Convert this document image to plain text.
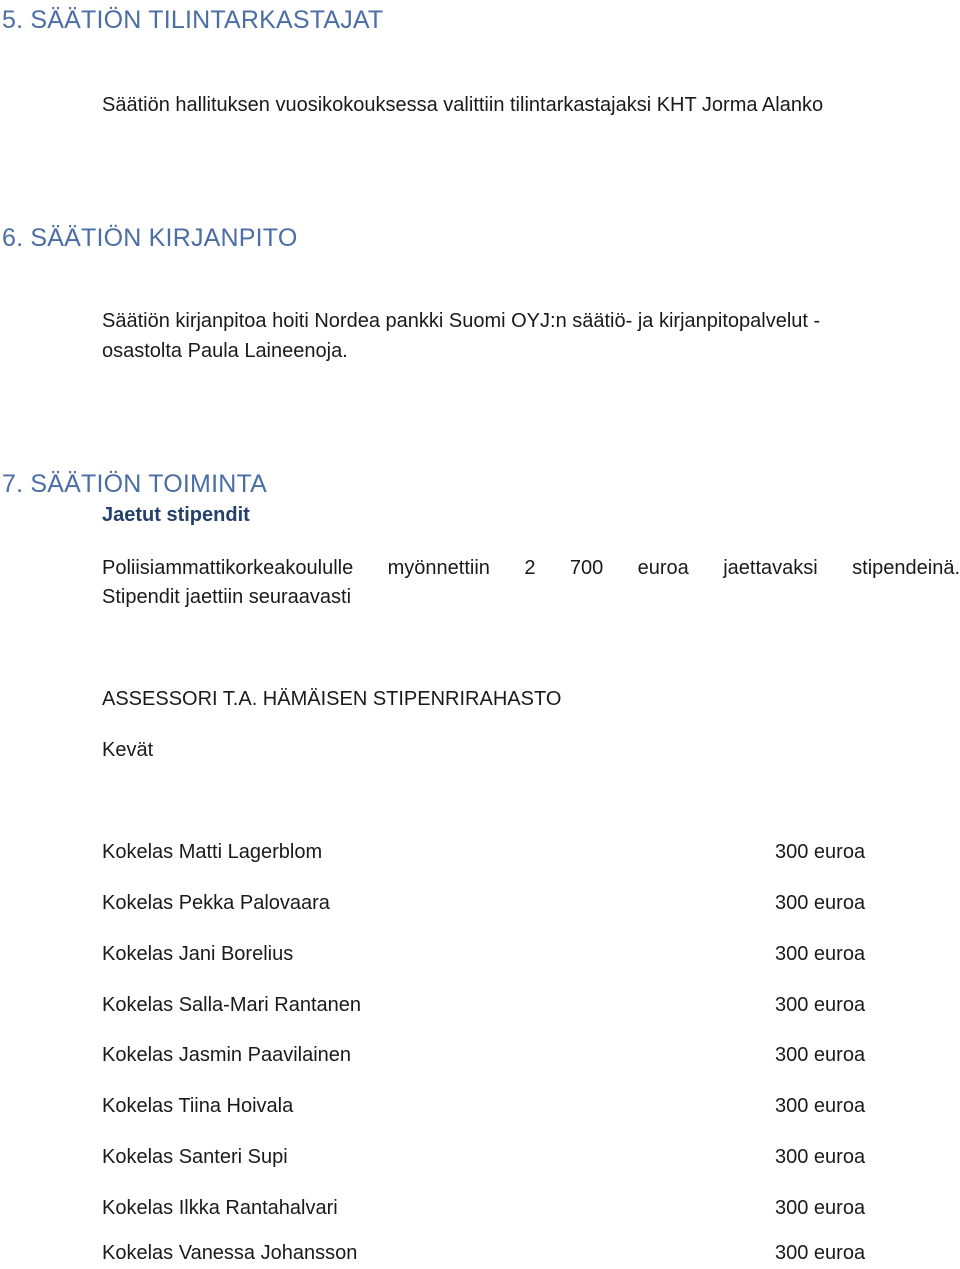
5. SÄÄTIÖN TILINTARKASTAJAT
Säätiön hallituksen vuosikokouksessa valittiin tilintarkastajaksi KHT Jorma Alanko
6. SÄÄTIÖN KIRJANPITO
Säätiön kirjanpitoa hoiti Nordea pankki Suomi OYJ:n säätiö- ja kirjanpitopalvelut -
osastolta Paula Laineenoja.
7. SÄÄTIÖN TOIMINTA
Jaetut stipendit
Poliisiammattikorkeakoululle myönnettiin 2 700 euroa jaettavaksi stipendeinä.
Stipendit jaettiin seuraavasti
ASSESSORI T.A. HÄMÄISEN STIPENRIRAHASTO
Kevät
Kokelas Matti Lagerblom	300 euroa
Kokelas Pekka Palovaara	300 euroa
Kokelas Jani Borelius	300 euroa
Kokelas Salla-Mari Rantanen	300 euroa
Kokelas Jasmin Paavilainen	300 euroa
Kokelas Tiina Hoivala	300 euroa
Kokelas Santeri Supi	300 euroa
Kokelas Ilkka Rantahalvari	300 euroa
Kokelas Vanessa Johansson	300 euroa
